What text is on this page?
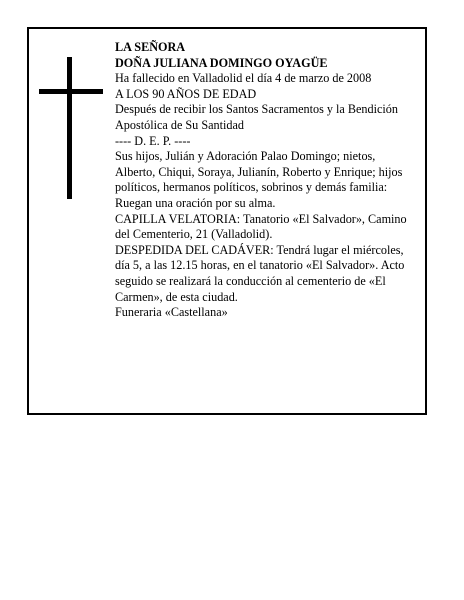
LA SEÑORA

DOÑA JULIANA DOMINGO OYAGÜE

Ha fallecido en Valladolid el día 4 de marzo de 2008

A LOS 90 AÑOS DE EDAD

Después de recibir los Santos Sacramentos y la Bendición Apostólica de Su Santidad

---- D. E. P. ----

Sus hijos, Julián y Adoración Palao Domingo; nietos, Alberto, Chiqui, Soraya, Julianín, Roberto y Enrique; hijos políticos, hermanos políticos, sobrinos y demás familia:

Ruegan una oración por su alma.

CAPILLA VELATORIA: Tanatorio «El Salvador», Camino del Cementerio, 21 (Valladolid).

DESPEDIDA DEL CADÁVER: Tendrá lugar el miércoles, día 5, a las 12.15 horas, en el tanatorio «El Salvador». Acto seguido se realizará la conducción al cementerio de «El Carmen», de esta ciudad.

Funeraria «Castellana»
